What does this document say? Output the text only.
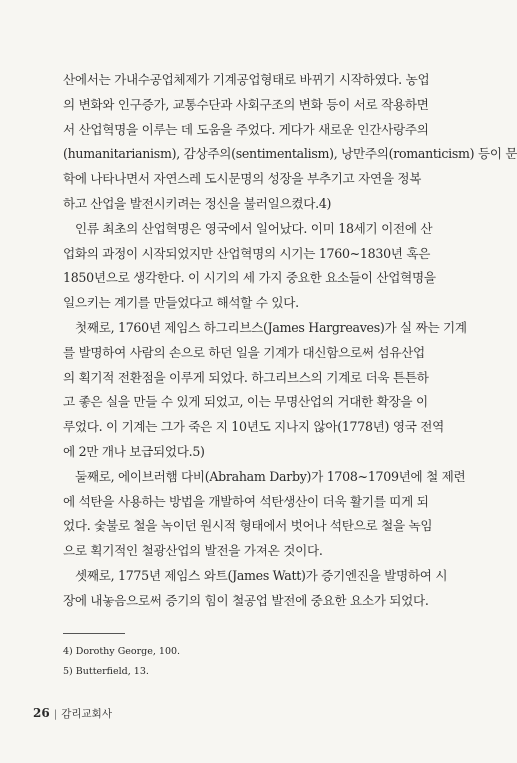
산에서는 가내수공업체제가 기계공업형태로 바뀌기 시작하였다. 농업
의 변화와 인구증가, 교통수단과 사회구조의 변화 등이 서로 작용하면
서 산업혁명을 이루는 데 도움을 주었다. 게다가 새로운 인간사랑주의
(humanitarianism), 감상주의(sentimentalism), 낭만주의(romanticism) 등이 문
학에 나타나면서 자연스레 도시문명의 성장을 부추기고 자연을 정복
하고 산업을 발전시키려는 정신을 불러일으켰다.4)
인류 최초의 산업혁명은 영국에서 일어났다. 이미 18세기 이전에 산
업화의 과정이 시작되었지만 산업혁명의 시기는 1760~1830년 혹은
1850년으로 생각한다. 이 시기의 세 가지 중요한 요소들이 산업혁명을
일으키는 계기를 만들었다고 해석할 수 있다.
첫째로, 1760년 제임스 하그리브스(James Hargreaves)가 실 짜는 기계
를 발명하여 사람의 손으로 하던 일을 기계가 대신함으로써 섬유산업
의 획기적 전환점을 이루게 되었다. 하그리브스의 기계로 더욱 튼튼하
고 좋은 실을 만들 수 있게 되었고, 이는 무명산업의 거대한 확장을 이
루었다. 이 기계는 그가 죽은 지 10년도 지나지 않아(1778년) 영국 전역
에 2만 개나 보급되었다.5)
둘째로, 에이브러햄 다비(Abraham Darby)가 1708~1709년에 철 제련
에 석탄을 사용하는 방법을 개발하여 석탄생산이 더욱 활기를 띠게 되
었다. 숯불로 철을 녹이던 원시적 형태에서 벗어나 석탄으로 철을 녹임
으로 획기적인 철광산업의 발전을 가져온 것이다.
셋째로, 1775년 제임스 와트(James Watt)가 증기엔진을 발명하여 시
장에 내놓음으로써 증기의 힘이 철공업 발전에 중요한 요소가 되었다.
4) Dorothy George, 100.
5) Butterfield, 13.
26 | 감리교회사
